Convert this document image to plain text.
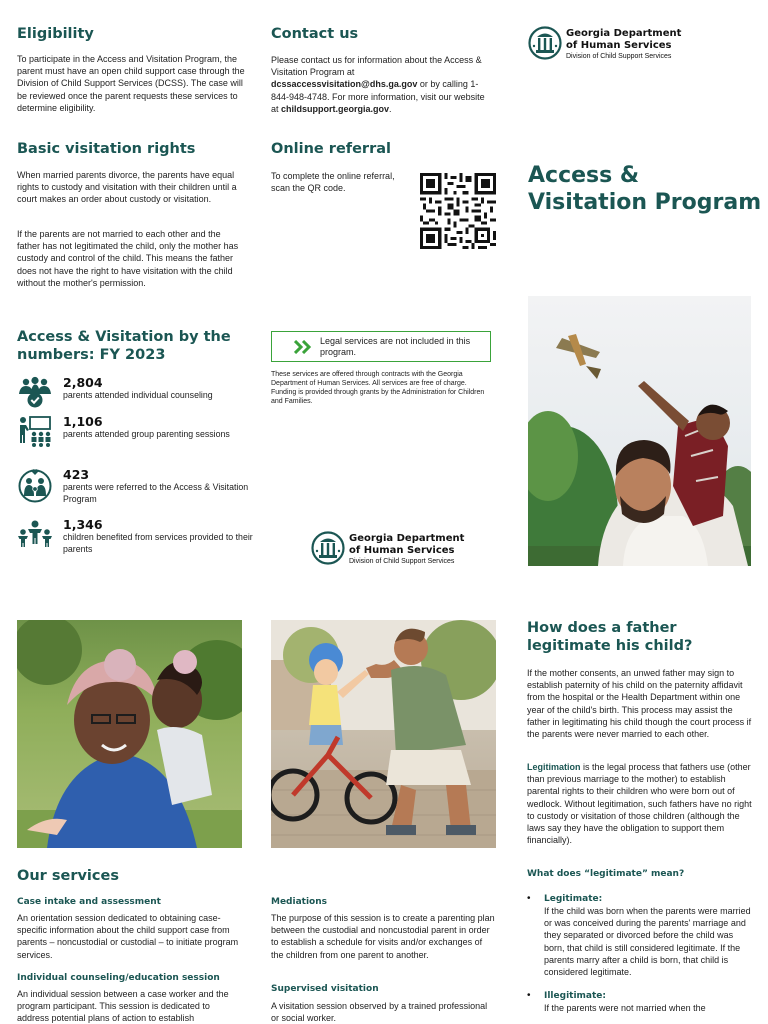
Eligibility
To participate in the Access and Visitation Program, the parent must have an open child support case through the Division of Child Support Services (DCSS). The case will be reviewed once the parent requests these services to determine eligibility.
Basic visitation rights
When married parents divorce, the parents have equal rights to custody and visitation with their children until a court makes an order about custody or visitation.
If the parents are not married to each other and the father has not legitimated the child, only the mother has custody and control of the child. This means the father does not have the right to have visitation with the child without the mother's permission.
Access & Visitation by the numbers: FY 2023
2,804
parents attended individual counseling
1,106
parents attended group parenting sessions
423
parents were referred to the Access & Visitation Program
1,346
children benefited from services provided to their parents
Contact us
Please contact us for information about the Access & Visitation Program at dcssaccessvisitation@dhs.ga.gov or by calling 1-844-948-4748. For more information, visit our website at childsupport.georgia.gov.
Online referral
To complete the online referral, scan the QR code.
Legal services are not included in this program.
These services are offered through contracts with the Georgia Department of Human Services. All services are free of charge. Funding is provided through grants by the Administration for Children and Families.
Georgia Department
of Human Services
Division of Child Support Services
Georgia Department
of Human Services
Division of Child Support Services
Access & Visitation Program
Our services
Case intake and assessment
An orientation session dedicated to obtaining case-specific information about the child support case from parents – noncustodial or custodial – to initiate program services.
Individual counseling/education session
An individual session between a case worker and the program participant. This session is dedicated to address potential plans of action to establish
Mediations
The purpose of this session is to create a parenting plan between the custodial and noncustodial parent in order to establish a schedule for visits and/or exchanges of the children from one parent to another.
Supervised visitation
A visitation session observed by a trained professional or social worker.
How does a father legitimate his child?
If the mother consents, an unwed father may sign to establish paternity of his child on the paternity affidavit from the hospital or the Health Department within one year of the child's birth. This process may assist the father in legitimating his child though the court process if the parents were never married to each other.
Legitimation is the legal process that fathers use (other than previous marriage to the mother) to establish parental rights to their children who were born out of wedlock. Without legitimation, such fathers have no right to custody or visitation of those children (although the laws say they have the obligation to support them financially).
What does “legitimate” mean?
• Legitimate:
If the child was born when the parents were married or was conceived during the parents' marriage and they separated or divorced before the child was born, that child is still considered legitimate. If the parents marry after a child is born, that child is considered legitimate.
• Illegitimate:
If the parents were not married when the
